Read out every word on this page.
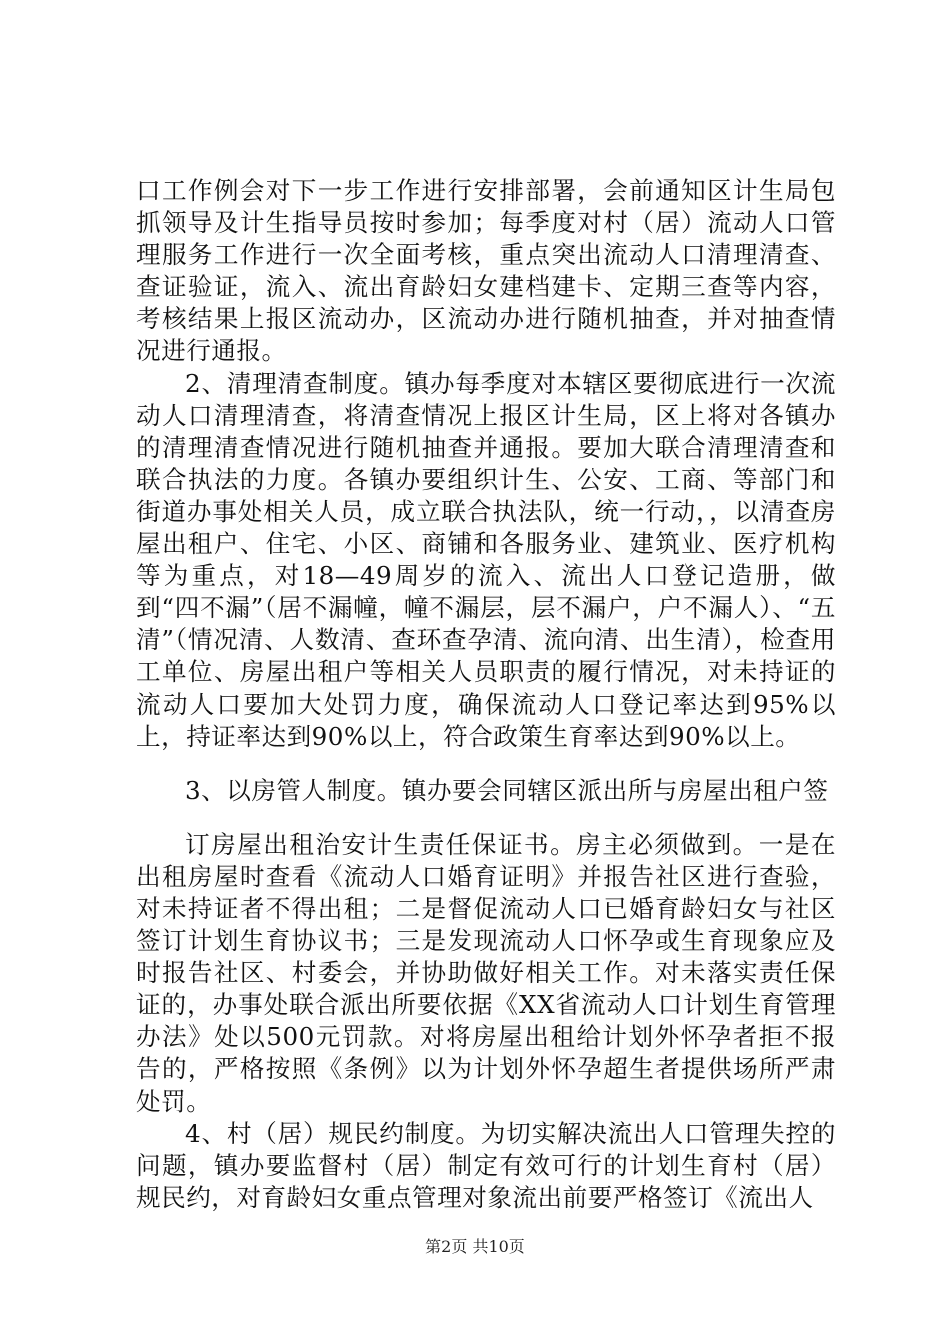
口工作例会对下一步工作进行安排部署，会前通知区计生局包抓领导及计生指导员按时参加；每季度对村（居）流动人口管理服务工作进行一次全面考核，重点突出流动人口清理清查、查证验证，流入、流出育龄妇女建档建卡、定期三查等内容，考核结果上报区流动办，区流动办进行随机抽查，并对抽查情况进行通报。

2、清理清查制度。镇办每季度对本辖区要彻底进行一次流动人口清理清查，将清查情况上报区计生局，区上将对各镇办的清理清查情况进行随机抽查并通报。要加大联合清理清查和联合执法的力度。各镇办要组织计生、公安、工商、等部门和街道办事处相关人员，成立联合执法队，统一行动，，以清查房屋出租户、住宅、小区、商铺和各服务业、建筑业、医疗机构等为重点，对18—49周岁的流入、流出人口登记造册，做到“四不漏”（居不漏幢，幢不漏层，层不漏户，户不漏人）、“五清”（情况清、人数清、查环查孕清、流向清、出生清），检查用工单位、房屋出租户等相关人员职责的履行情况，对未持证的流动人口要加大处罚力度，确保流动人口登记率达到95%以上，持证率达到90%以上，符合政策生育率达到90%以上。

3、以房管人制度。镇办要会同辖区派出所与房屋出租户签

订房屋出租治安计生责任保证书。房主必须做到。一是在出租房屋时查看《流动人口婚育证明》并报告社区进行查验，对未持证者不得出租；二是督促流动人口已婚育龄妇女与社区签订计划生育协议书；三是发现流动人口怀孕或生育现象应及时报告社区、村委会，并协助做好相关工作。对未落实责任保证的，办事处联合派出所要依据《XX省流动人口计划生育管理办法》处以500元罚款。对将房屋出租给计划外怀孕者拒不报告的，严格按照《条例》以为计划外怀孕超生者提供场所严肃处罚。

4、村（居）规民约制度。为切实解决流出人口管理失控的问题，镇办要监督村（居）制定有效可行的计划生育村（居）规民约，对育龄妇女重点管理对象流出前要严格签订《流出人

第2页 共10页
